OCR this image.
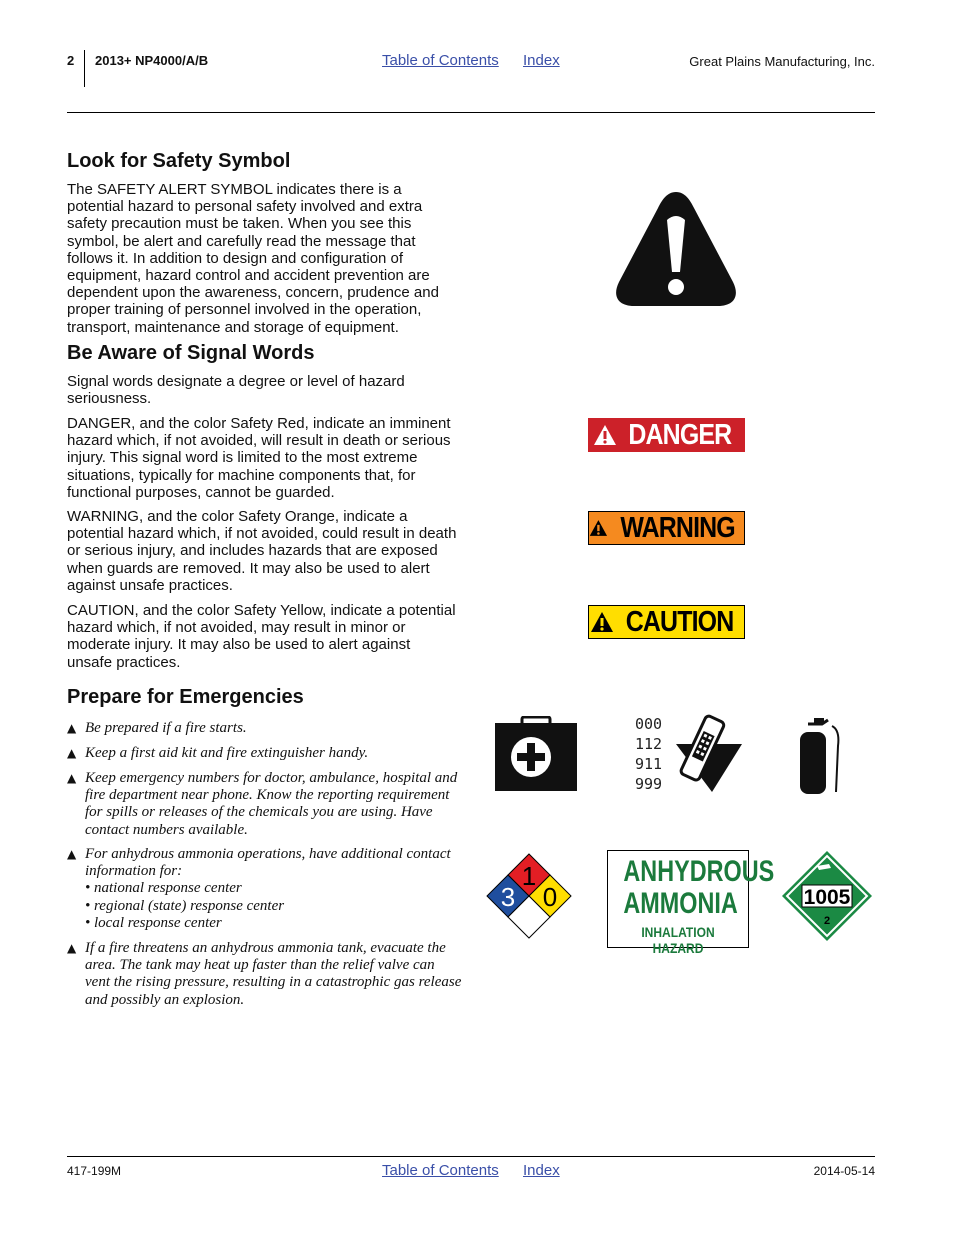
2 2013+ NP4000/A/B	Table of Contents Index	Great Plains Manufacturing, Inc.
Look for Safety Symbol
The SAFETY ALERT SYMBOL indicates there is a potential hazard to personal safety involved and extra safety precaution must be taken. When you see this symbol, be alert and carefully read the message that follows it. In addition to design and configuration of equipment, hazard control and accident prevention are dependent upon the awareness, concern, prudence and proper training of personnel involved in the operation, transport, maintenance and storage of equipment.
Be Aware of Signal Words
Signal words designate a degree or level of hazard seriousness.
DANGER, and the color Safety Red, indicate an imminent hazard which, if not avoided, will result in death or serious injury. This signal word is limited to the most extreme situations, typically for machine components that, for functional purposes, cannot be guarded.
WARNING, and the color Safety Orange, indicate a potential hazard which, if not avoided, could result in death or serious injury, and includes hazards that are exposed when guards are removed. It may also be used to alert against unsafe practices.
CAUTION, and the color Safety Yellow, indicate a potential hazard which, if not avoided, may result in minor or moderate injury. It may also be used to alert against unsafe practices.
DANGER
WARNING
CAUTION
Prepare for Emergencies
▲ Be prepared if a fire starts.
▲ Keep a first aid kit and fire extinguisher handy.
▲ Keep emergency numbers for doctor, ambulance, hospital and fire department near phone. Know the reporting requirement for spills or releases of the chemicals you are using. Have contact numbers available.
▲ For anhydrous ammonia operations, have additional contact information for:
• national response center
• regional (state) response center
• local response center
▲ If a fire threatens an anhydrous ammonia tank, evacuate the area. The tank may heat up faster than the relief valve can vent the rising pressure, resulting in a catastrophic gas release and possibly an explosion.
000
112
911
999
1
3 0
ANHYDROUS
AMMONIA
INHALATION HAZARD
1005
2
417-199M	Table of Contents Index	2014-05-14
